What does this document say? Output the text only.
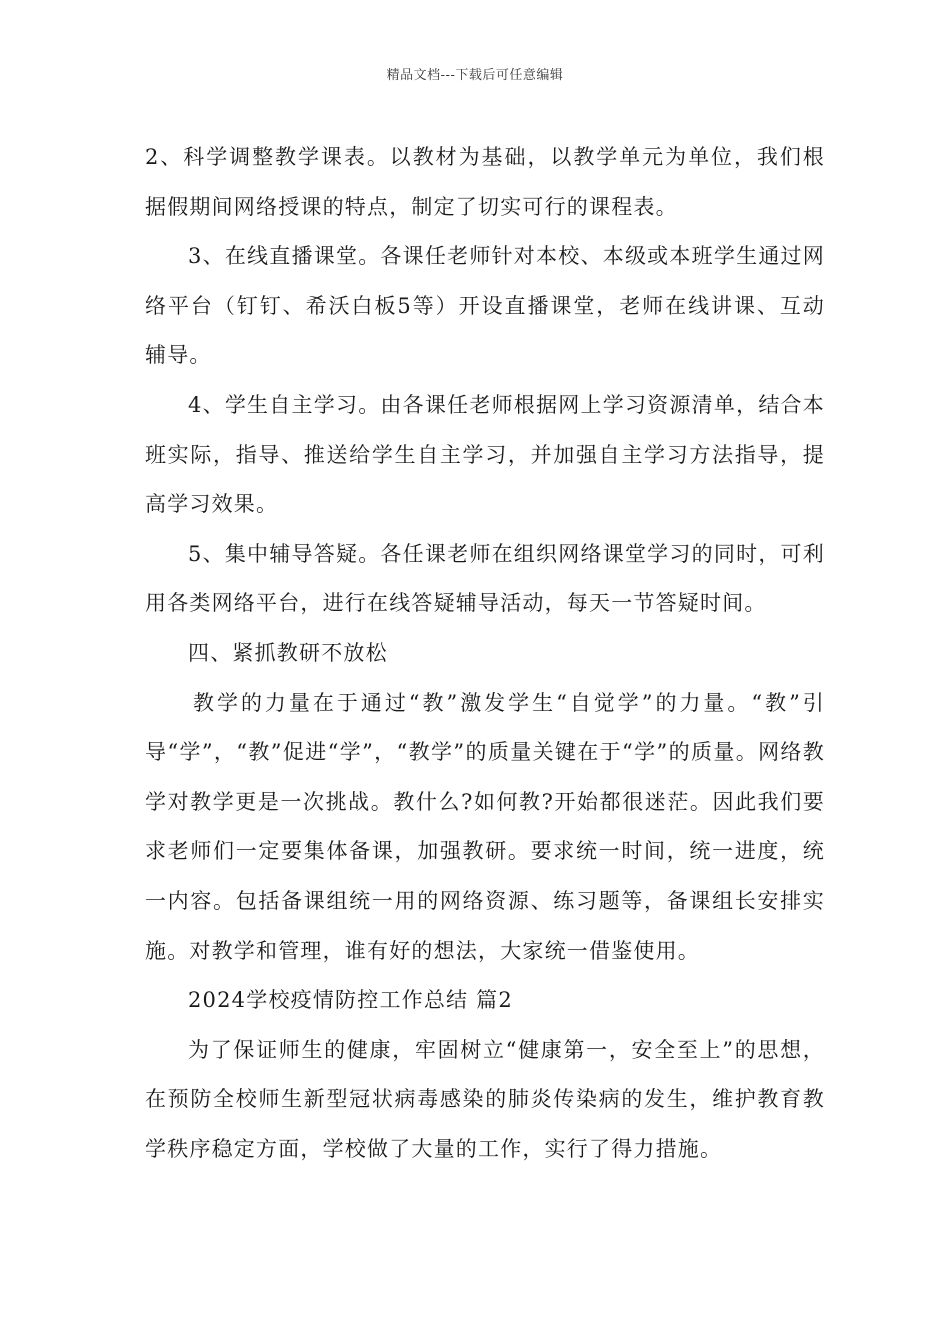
精品文档---下载后可任意编辑

2、科学调整教学课表。以教材为基础，以教学单元为单位，我们根据假期间网络授课的特点，制定了切实可行的课程表。

3、在线直播课堂。各课任老师针对本校、本级或本班学生通过网络平台（钉钉、希沃白板5等）开设直播课堂，老师在线讲课、互动辅导。

4、学生自主学习。由各课任老师根据网上学习资源清单，结合本班实际，指导、推送给学生自主学习，并加强自主学习方法指导，提高学习效果。

5、集中辅导答疑。各任课老师在组织网络课堂学习的同时，可利用各类网络平台，进行在线答疑辅导活动，每天一节答疑时间。

四、紧抓教研不放松

教学的力量在于通过“教”激发学生“自觉学”的力量。“教”引导“学”，“教”促进“学”，“教学”的质量关键在于“学”的质量。网络教学对教学更是一次挑战。教什么?如何教?开始都很迷茫。因此我们要求老师们一定要集体备课，加强教研。要求统一时间，统一进度，统一内容。包括备课组统一用的网络资源、练习题等，备课组长安排实施。对教学和管理，谁有好的想法，大家统一借鉴使用。

2024学校疫情防控工作总结 篇2

为了保证师生的健康，牢固树立“健康第一，安全至上”的思想，在预防全校师生新型冠状病毒感染的肺炎传染病的发生，维护教育教学秩序稳定方面，学校做了大量的工作，实行了得力措施。
